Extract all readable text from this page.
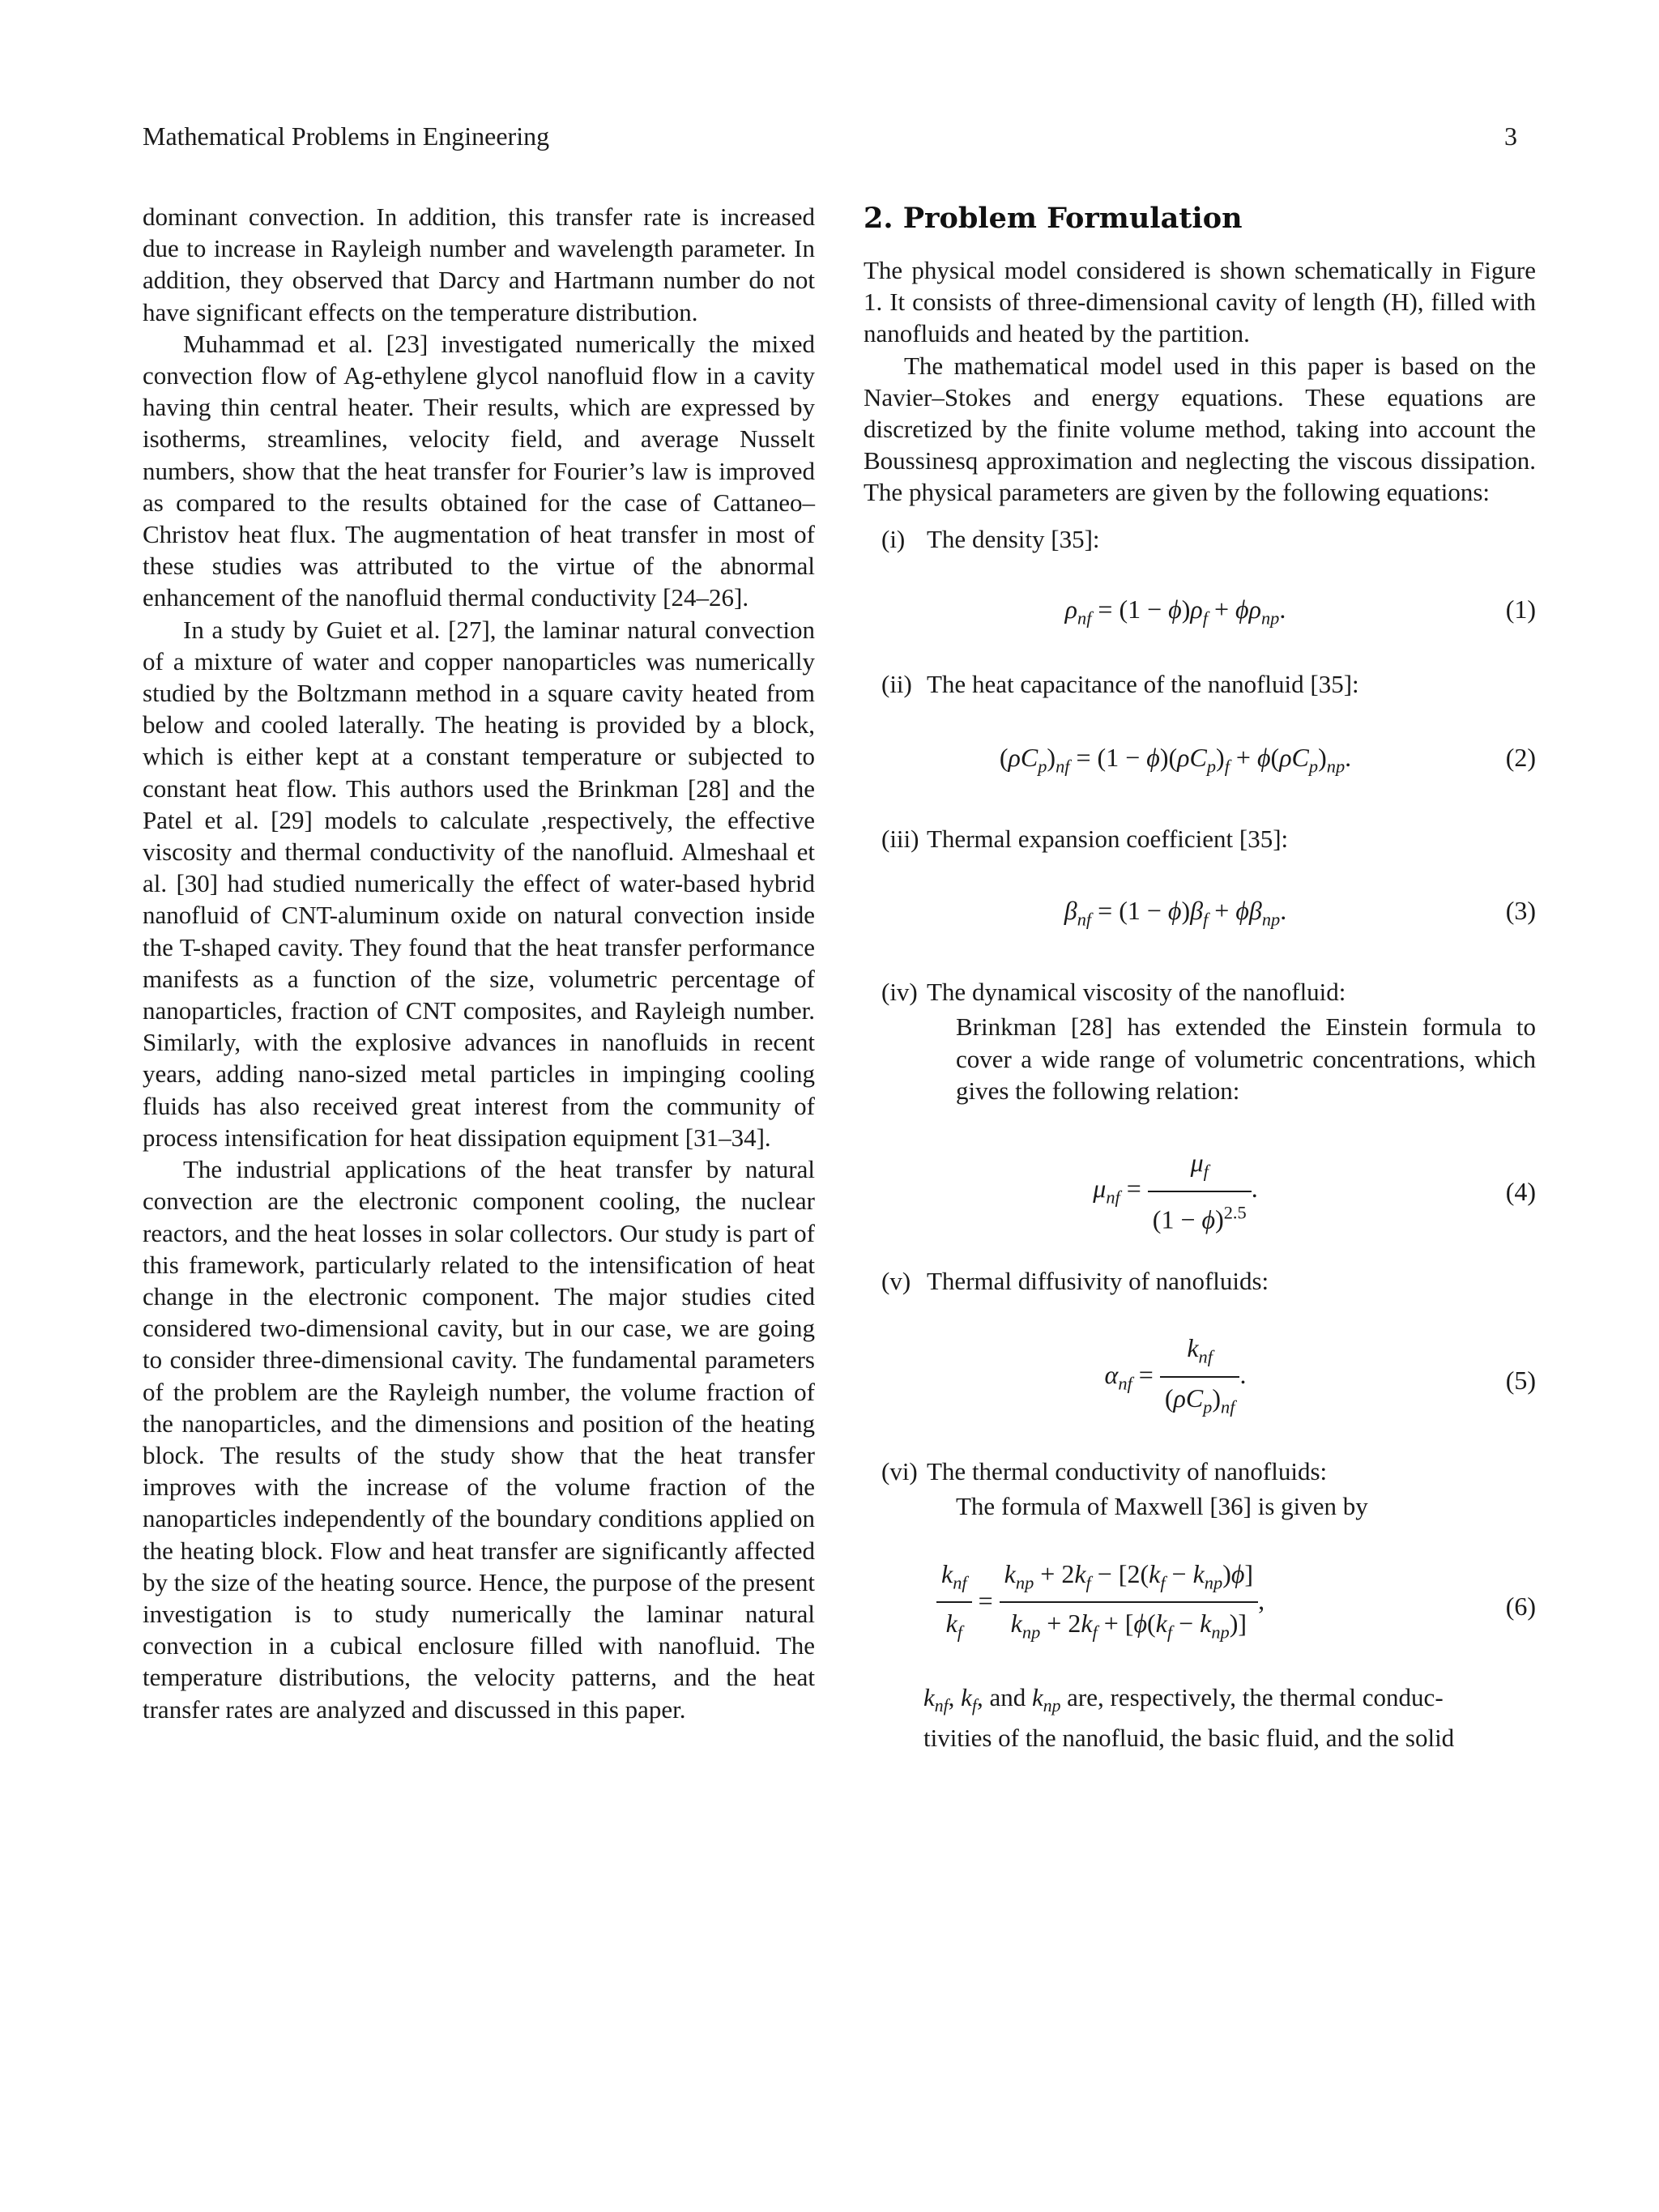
Mathematical Problems in Engineering	3

dominant convection. In addition, this transfer rate is increased due to increase in Rayleigh number and wavelength parameter. In addition, they observed that Darcy and Hartmann number do not have significant effects on the temperature distribution.

Muhammad et al. [23] investigated numerically the mixed convection flow of Ag-ethylene glycol nanofluid flow in a cavity having thin central heater. Their results, which are expressed by isotherms, streamlines, velocity field, and average Nusselt numbers, show that the heat transfer for Fourier’s law is improved as compared to the results obtained for the case of Cattaneo–Christov heat flux. The augmentation of heat transfer in most of these studies was attributed to the virtue of the abnormal enhancement of the nanofluid thermal conductivity [24–26].

In a study by Guiet et al. [27], the laminar natural convection of a mixture of water and copper nanoparticles was numerically studied by the Boltzmann method in a square cavity heated from below and cooled laterally. The heating is provided by a block, which is either kept at a constant temperature or subjected to constant heat flow. This authors used the Brinkman [28] and the Patel et al. [29] models to calculate ,respectively, the effective viscosity and thermal conductivity of the nanofluid. Almeshaal et al. [30] had studied numerically the effect of water-based hybrid nanofluid of CNT-aluminum oxide on natural convection inside the T-shaped cavity. They found that the heat transfer performance manifests as a function of the size, volumetric percentage of nanoparticles, fraction of CNT composites, and Rayleigh number. Similarly, with the explosive advances in nanofluids in recent years, adding nano-sized metal particles in impinging cooling fluids has also received great interest from the community of process intensification for heat dissipation equipment [31–34].

The industrial applications of the heat transfer by natural convection are the electronic component cooling, the nuclear reactors, and the heat losses in solar collectors. Our study is part of this framework, particularly related to the intensification of heat change in the electronic component. The major studies cited considered two-dimensional cavity, but in our case, we are going to consider three-dimensional cavity. The fundamental parameters of the problem are the Rayleigh number, the volume fraction of the nanoparticles, and the dimensions and position of the heating block. The results of the study show that the heat transfer improves with the increase of the volume fraction of the nanoparticles independently of the boundary conditions applied on the heating block. Flow and heat transfer are significantly affected by the size of the heating source. Hence, the purpose of the present investigation is to study numerically the laminar natural convection in a cubical enclosure filled with nanofluid. The temperature distributions, the velocity patterns, and the heat transfer rates are analyzed and discussed in this paper.

2. Problem Formulation

The physical model considered is shown schematically in Figure 1. It consists of three-dimensional cavity of length (H), filled with nanofluids and heated by the partition.

The mathematical model used in this paper is based on the Navier–Stokes and energy equations. These equations are discretized by the finite volume method, taking into account the Boussinesq approximation and neglecting the viscous dissipation. The physical parameters are given by the following equations:

(i) The density [35]:
$\rho_{nf} = (1 - \phi)\rho_f + \phi\rho_{np}$.	(1)
(ii) The heat capacitance of the nanofluid [35]:
$(\rho C_p)_{nf} = (1 - \phi)(\rho C_p)_f + \phi(\rho C_p)_{np}$.	(2)
(iii) Thermal expansion coefficient [35]:
$\beta_{nf} = (1 - \phi)\beta_f + \phi\beta_{np}$.	(3)
(iv) The dynamical viscosity of the nanofluid:

Brinkman [28] has extended the Einstein formula to cover a wide range of volumetric concentrations, which gives the following relation:

$\mu_{nf} = \frac{\mu_f}{(1 - \phi)^{2.5}}$ .	(4)
(v) Thermal diffusivity of nanofluids:
$\alpha_{nf} = \frac{k_{nf}}{(\rho C_p)_{nf}}$ .	(5)
(vi) The thermal conductivity of nanofluids:

The formula of Maxwell [36] is given by

$\frac{k_{nf}}{k_f} = \frac{k_{np} + 2k_f - [2(k_f - k_{np})\phi]}{k_{np} + 2k_f + [\phi(k_f - k_{np})]}$ ,	(6)

$k_{nf}$, $k_f$, and $k_{np}$ are, respectively, the thermal conduc-
tivities of the nanofluid, the basic fluid, and the solid
